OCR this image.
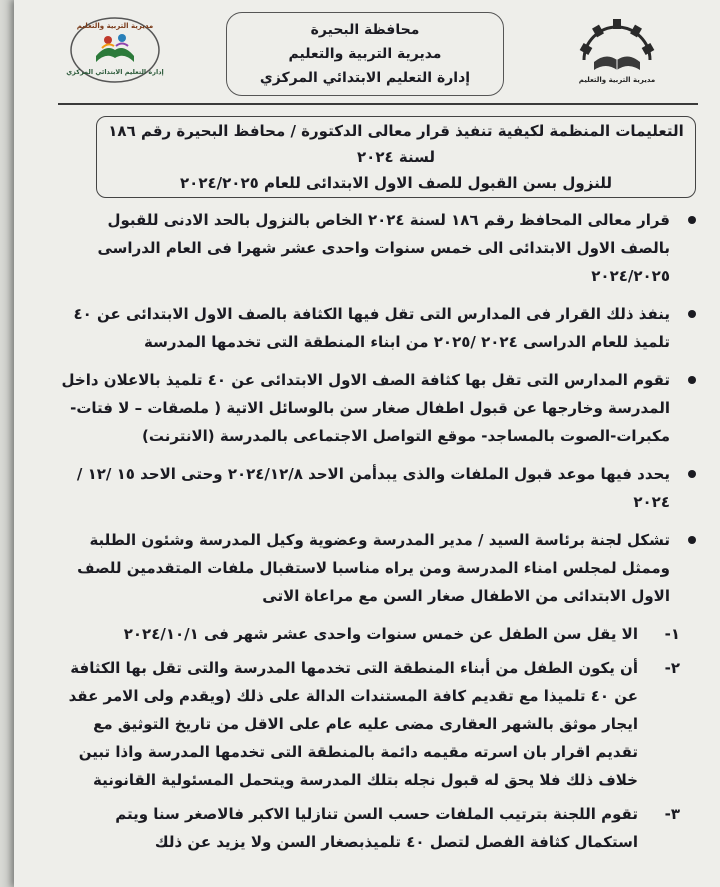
مديرية التربية والتعليم
محافظة البحيرة
مديرية التربية والتعليم
إدارة التعليم الابتدائي المركزي
مديرية التربية والتعليم
إدارة التعليم الابتدائي المركزي
التعليمات المنظمة لكيفية تنفيذ قرار معالى الدكتورة / محافظ البحيرة رقم ١٨٦ لسنة ٢٠٢٤
للنزول بسن القبول للصف الاول الابتدائى للعام ٢٠٢٤/٢٠٢٥
قرار معالى المحافظ رقم ١٨٦ لسنة ٢٠٢٤ الخاص بالنزول بالحد الادنى للقبول بالصف الاول الابتدائى الى خمس سنوات واحدى عشر شهرا فى العام الدراسى ٢٠٢٤/٢٠٢٥
ينفذ ذلك القرار فى المدارس التى تقل فيها الكثافة بالصف الاول الابتدائى عن ٤٠ تلميذ للعام الدراسى ٢٠٢٤ /٢٠٢٥ من ابناء المنطقة التى تخدمها المدرسة
تقوم المدارس التى تقل بها كثافة الصف الاول الابتدائى عن ٤٠ تلميذ بالاعلان داخل المدرسة وخارجها عن قبول اطفال صغار سن بالوسائل الاتية ( ملصقات – لا فتات- مكبرات-الصوت بالمساجد- موقع التواصل الاجتماعى بالمدرسة (الانترنت)
يحدد فيها موعد قبول الملفات والذى يبدأمن الاحد ٢٠٢٤/١٢/٨ وحتى الاحد ١٥ /١٢ /٢٠٢٤
تشكل لجنة برئاسة السيد / مدير المدرسة وعضوية وكيل المدرسة وشئون الطلبة وممثل لمجلس امناء المدرسة ومن يراه مناسبا لاستقبال ملفات المتقدمين للصف الاول الابتدائى من الاطفال صغار السن مع مراعاة الاتى
١-
الا يقل سن الطفل عن خمس سنوات واحدى عشر شهر فى ٢٠٢٤/١٠/١
٢-
أن يكون الطفل من أبناء المنطقة التى تخدمها المدرسة والتى تقل بها الكثافة عن ٤٠ تلميذا مع تقديم كافة المستندات الدالة على ذلك (ويقدم ولى الامر عقد ايجار موثق بالشهر العقارى مضى عليه عام على الاقل من تاريخ التوثيق مع تقديم اقرار بان اسرته مقيمه دائمة بالمنطقة التى تخدمها المدرسة واذا تبين خلاف ذلك فلا يحق له قبول نجله بتلك المدرسة ويتحمل المسئولية القانونية
٣-
تقوم اللجنة بترتيب الملفات حسب السن تنازليا الاكبر فالاصغر سنا ويتم استكمال كثافة الفصل لتصل ٤٠ تلميذبصغار السن ولا يزيد عن ذلك
